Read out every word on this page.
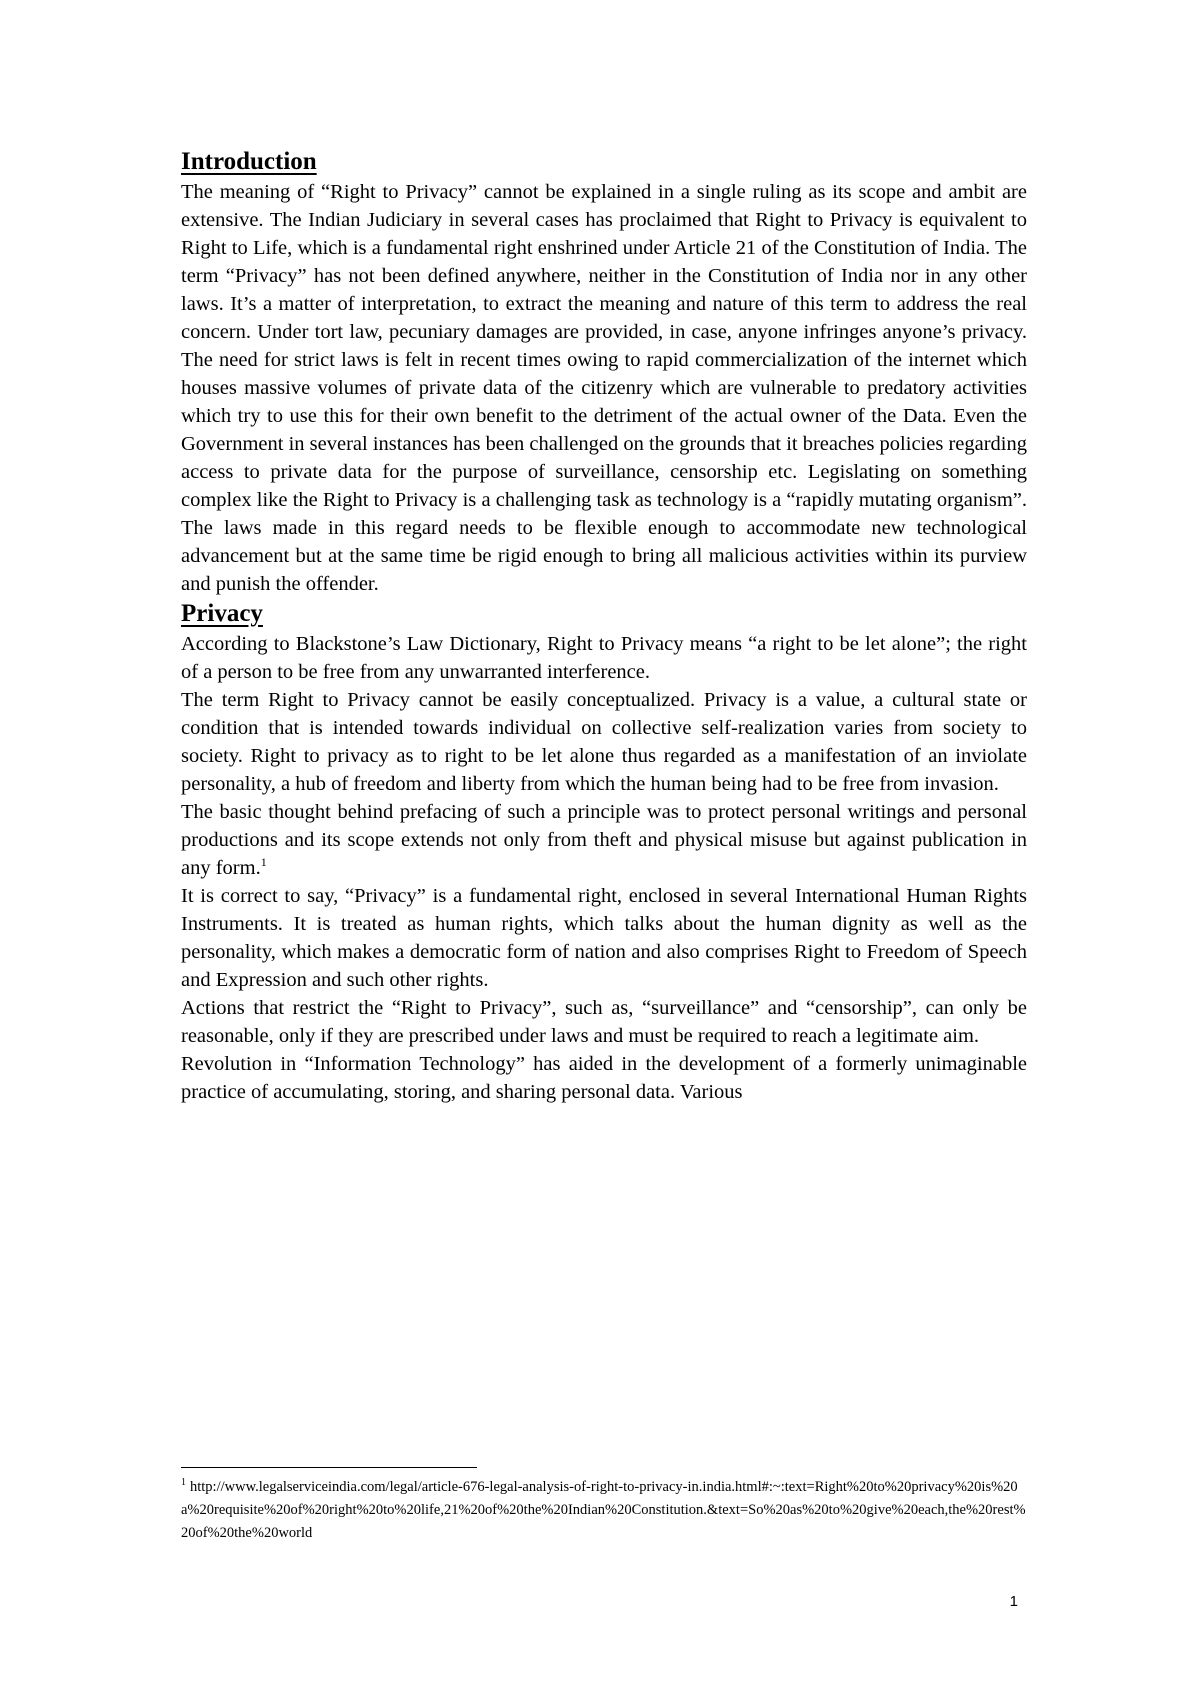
Introduction

The meaning of “Right to Privacy” cannot be explained in a single ruling as its scope and ambit are extensive. The Indian Judiciary in several cases has proclaimed that Right to Privacy is equivalent to Right to Life, which is a fundamental right enshrined under Article 21 of the Constitution of India. The term “Privacy” has not been defined anywhere, neither in the Constitution of India nor in any other laws. It’s a matter of interpretation, to extract the meaning and nature of this term to address the real concern. Under tort law, pecuniary damages are provided, in case, anyone infringes anyone’s privacy. The need for strict laws is felt in recent times owing to rapid commercialization of the internet which houses massive volumes of private data of the citizenry which are vulnerable to predatory activities which try to use this for their own benefit to the detriment of the actual owner of the Data. Even the Government in several instances has been challenged on the grounds that it breaches policies regarding access to private data for the purpose of surveillance, censorship etc. Legislating on something complex like the Right to Privacy is a challenging task as technology is a “rapidly mutating organism”. The laws made in this regard needs to be flexible enough to accommodate new technological advancement but at the same time be rigid enough to bring all malicious activities within its purview and punish the offender.

Privacy

According to Blackstone’s Law Dictionary, Right to Privacy means “a right to be let alone”; the right of a person to be free from any unwarranted interference.

The term Right to Privacy cannot be easily conceptualized. Privacy is a value, a cultural state or condition that is intended towards individual on collective self-realization varies from society to society. Right to privacy as to right to be let alone thus regarded as a manifestation of an inviolate personality, a hub of freedom and liberty from which the human being had to be free from invasion.

The basic thought behind prefacing of such a principle was to protect personal writings and personal productions and its scope extends not only from theft and physical misuse but against publication in any form.$^1$

It is correct to say, “Privacy” is a fundamental right, enclosed in several International Human Rights Instruments. It is treated as human rights, which talks about the human dignity as well as the personality, which makes a democratic form of nation and also comprises Right to Freedom of Speech and Expression and such other rights.

Actions that restrict the “Right to Privacy”, such as, “surveillance” and “censorship”, can only be reasonable, only if they are prescribed under laws and must be required to reach a legitimate aim.

Revolution in “Information Technology” has aided in the development of a formerly unimaginable practice of accumulating, storing, and sharing personal data. Various

$^1$ http://www.legalserviceindia.com/legal/article-676-legal-analysis-of-right-to-privacy-in.india.html#:~:text=Right%20to%20privacy%20is%20a%20requisite%20of%20right%20to%20life,21%20of%20the%20Indian%20Constitution.&text=So%20as%20to%20give%20each,the%20rest%20of%20the%20world
1
